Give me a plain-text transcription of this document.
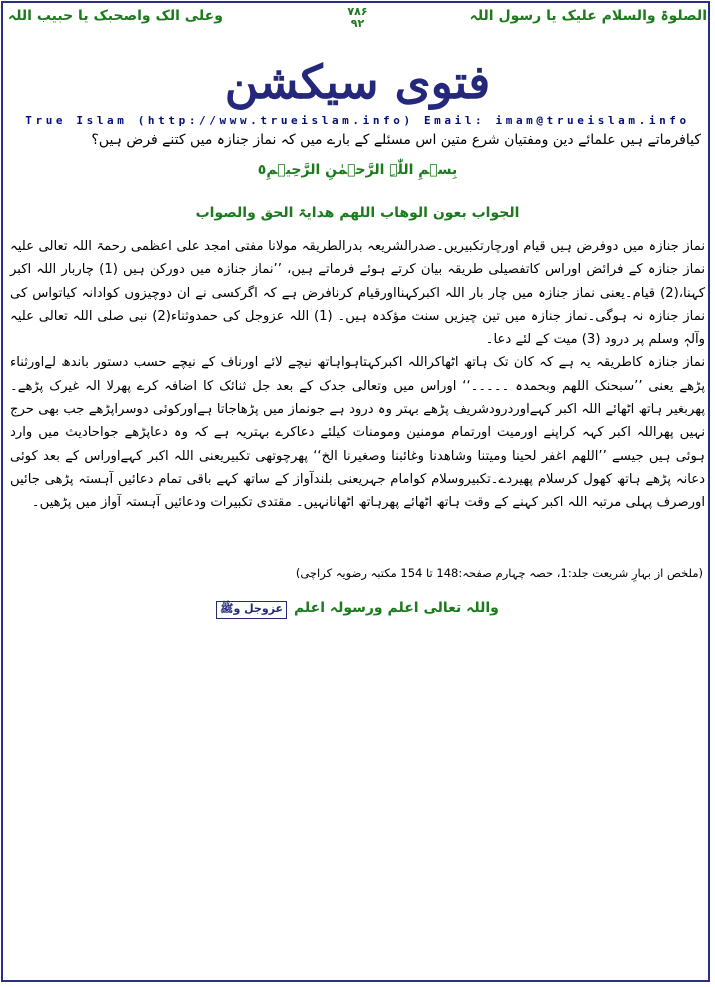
الصلوۃ والسلام علیک یا رسول اللہ
۷۸۶
۹۲
وعلی الک واصحبک یا حبیب اللہ
فتوی سیکشن
True Islam (http://www.trueislam.info) Email: imam@trueislam.info
کیافرماتے ہیں علمائے دین ومفتیان شرع متین اس مسئلے کے بارے میں کہ نماز جنازہ میں کتنے فرض ہیں؟
بِسۡمِ اللّٰہِ الرَّحۡمٰنِ الرَّحِیۡمِ٥
الجواب بعون الوھاب اللھم ھدایۃ الحق والصواب

نماز جنازہ میں دوفرض ہیں قیام اورچارتکبیریں۔صدرالشریعہ بدرالطریقہ مولانا مفتی امجد علی اعظمی رحمۃ اللہ تعالی علیہ نماز جنازہ کے فرائض اوراس کاتفصیلی طریقہ بیان کرتے ہوئے فرماتے ہیں، ’’نماز جنازہ میں دورکن ہیں (1) چاربار اللہ اکبر کہنا،(2) قیام۔یعنی نماز جنازہ میں چار بار اللہ اکبرکہنااورقیام کرنافرض ہے کہ اگرکسی نے ان دوچیزوں کوادانہ کیاتواس کی نماز جنازہ نہ ہوگی۔نماز جنازہ میں تین چیزیں سنت مؤکدہ ہیں۔ (1) اللہ عزوجل کی حمدوثناء(2) نبی صلی اللہ تعالی علیہ وآلہٖ وسلم پر درود (3) میت کے لئے دعا۔

نماز جنازہ کاطریقہ یہ ہے کہ کان تک ہاتھ اٹھاکراللہ اکبرکہتاہواہاتھ نیچے لائے اورناف کے نیچے حسب دستور باندھ لےاورثناء پڑھے یعنی ’’سبحنک اللھم وبحمدہ ۔۔۔۔۔‘‘ اوراس میں وتعالی جدک کے بعد جل ثنائک کا اضافہ کرے پھرلا الہ غیرک پڑھے۔پھربغیر ہاتھ اٹھائے اللہ اکبر کہےاوردرودشریف پڑھے بہتر وہ درود ہے جونماز میں پڑھاجاتا ہےاورکوئی دوسراپڑھے جب بھی حرج نہیں پھراللہ اکبر کہہ کراپنے اورمیت اورتمام مومنین ومومنات کیلئے دعاکرے بہتریہ ہے کہ وہ دعاپڑھے جواحادیث میں وارد ہوئی ہیں جیسے ’’اللھم اغفر لحینا ومیتنا وشاھدنا وغائبنا وصغیرنا الخ‘‘ پھرچوتھی تکبیریعنی اللہ اکبر کہےاوراس کے بعد کوئی دعانہ پڑھے ہاتھ کھول کرسلام پھیردے۔تکبیروسلام کوامام جہریعنی بلندآواز کے ساتھ کہے باقی تمام دعائیں آہستہ پڑھی جائیں اورصرف پہلی مرتبہ اللہ اکبر کہنے کے وقت ہاتھ اٹھائے پھرہاتھ اٹھانانہیں۔ مقتدی تکبیرات ودعائیں آہستہ آواز میں پڑھیں۔

(ملخص از بہارِ شریعت جلد:1، حصہ چہارم صفحہ:148 تا 154 مکتبہ رضویہ کراچی)
واللہ تعالی اعلم ورسولہ اعلم عزوجل وﷺ
